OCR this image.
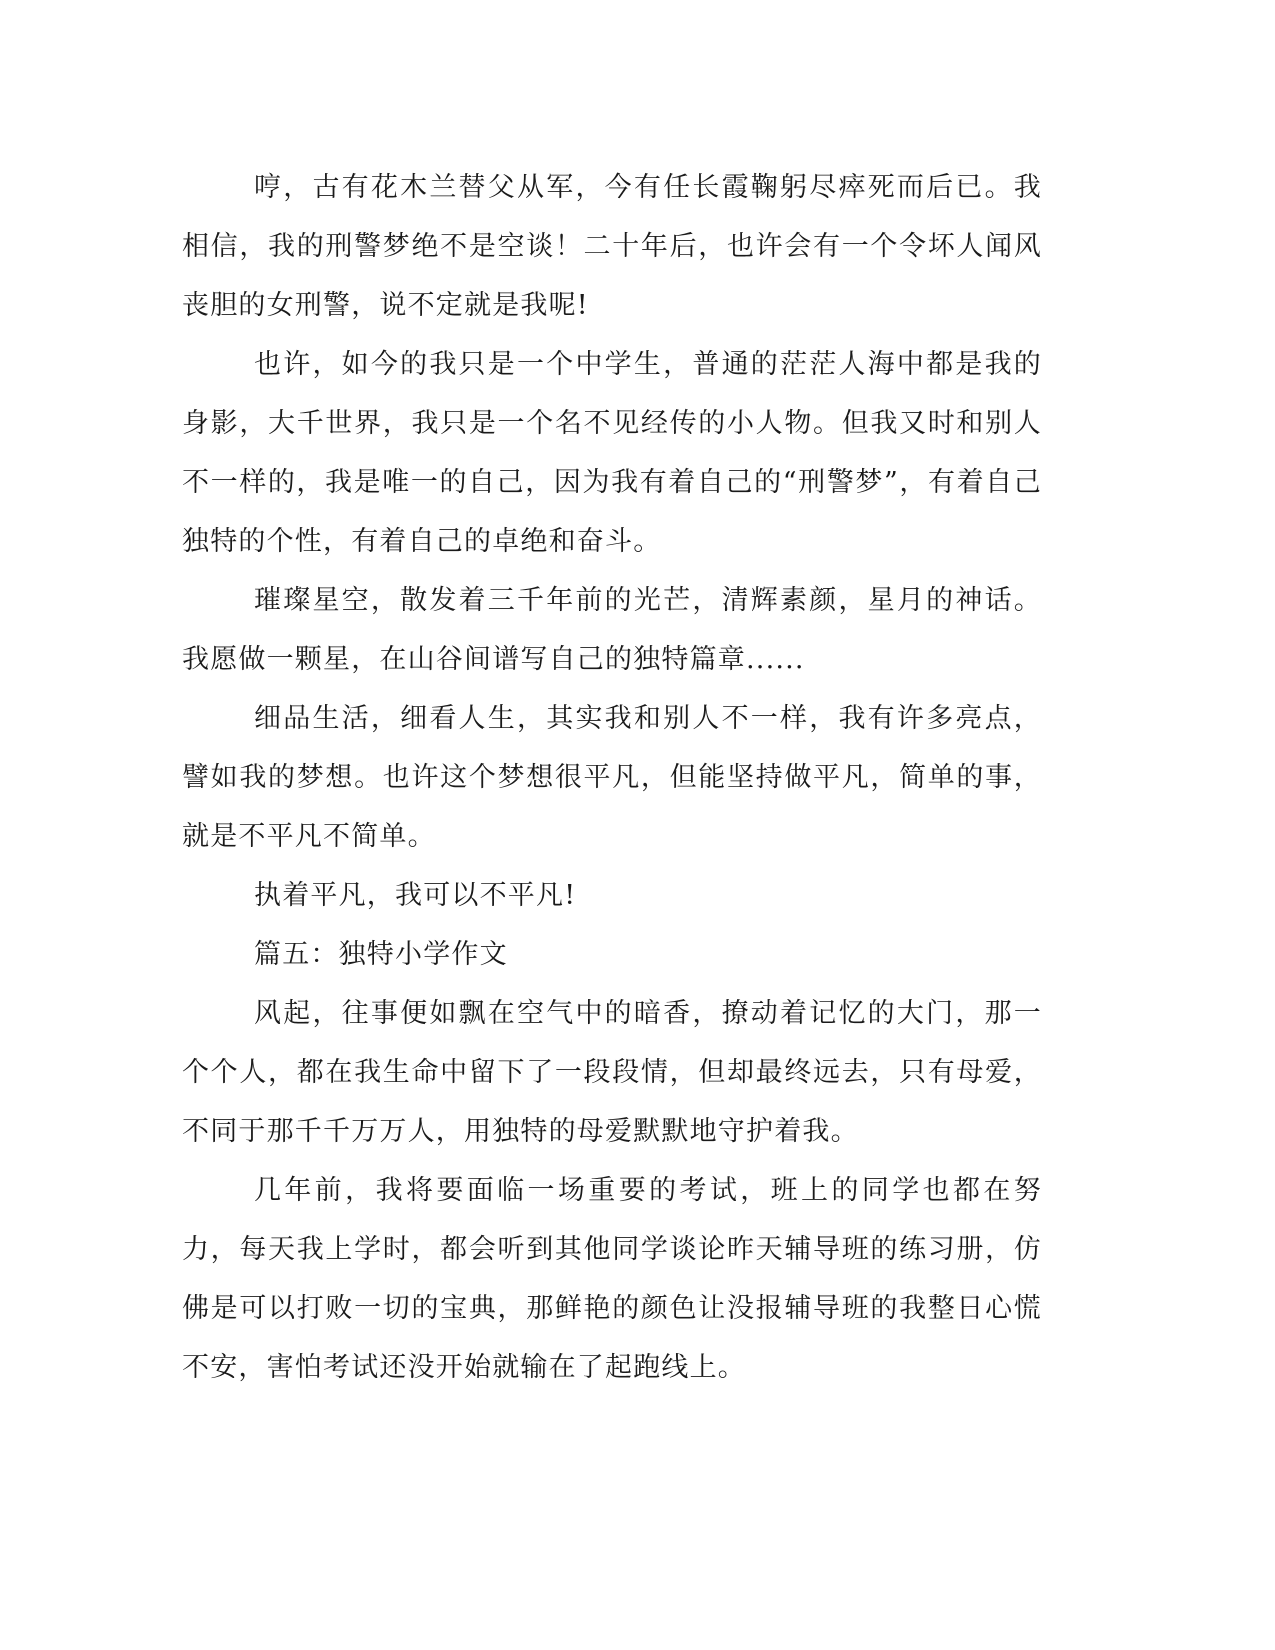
哼，古有花木兰替父从军，今有任长霞鞠躬尽瘁死而后已。我相信，我的刑警梦绝不是空谈！二十年后，也许会有一个令坏人闻风丧胆的女刑警，说不定就是我呢!

也许，如今的我只是一个中学生，普通的茫茫人海中都是我的身影，大千世界，我只是一个名不见经传的小人物。但我又时和别人不一样的，我是唯一的自己，因为我有着自己的“刑警梦”，有着自己独特的个性，有着自己的卓绝和奋斗。

璀璨星空，散发着三千年前的光芒，清辉素颜，星月的神话。我愿做一颗星，在山谷间谱写自己的独特篇章......

细品生活，细看人生，其实我和别人不一样，我有许多亮点，譬如我的梦想。也许这个梦想很平凡，但能坚持做平凡，简单的事，就是不平凡不简单。

执着平凡，我可以不平凡!

篇五：独特小学作文

风起，往事便如飘在空气中的暗香，撩动着记忆的大门，那一个个人，都在我生命中留下了一段段情，但却最终远去，只有母爱，不同于那千千万万人，用独特的母爱默默地守护着我。

几年前，我将要面临一场重要的考试，班上的同学也都在努力，每天我上学时，都会听到其他同学谈论昨天辅导班的练习册，仿佛是可以打败一切的宝典，那鲜艳的颜色让没报辅导班的我整日心慌不安，害怕考试还没开始就输在了起跑线上。
